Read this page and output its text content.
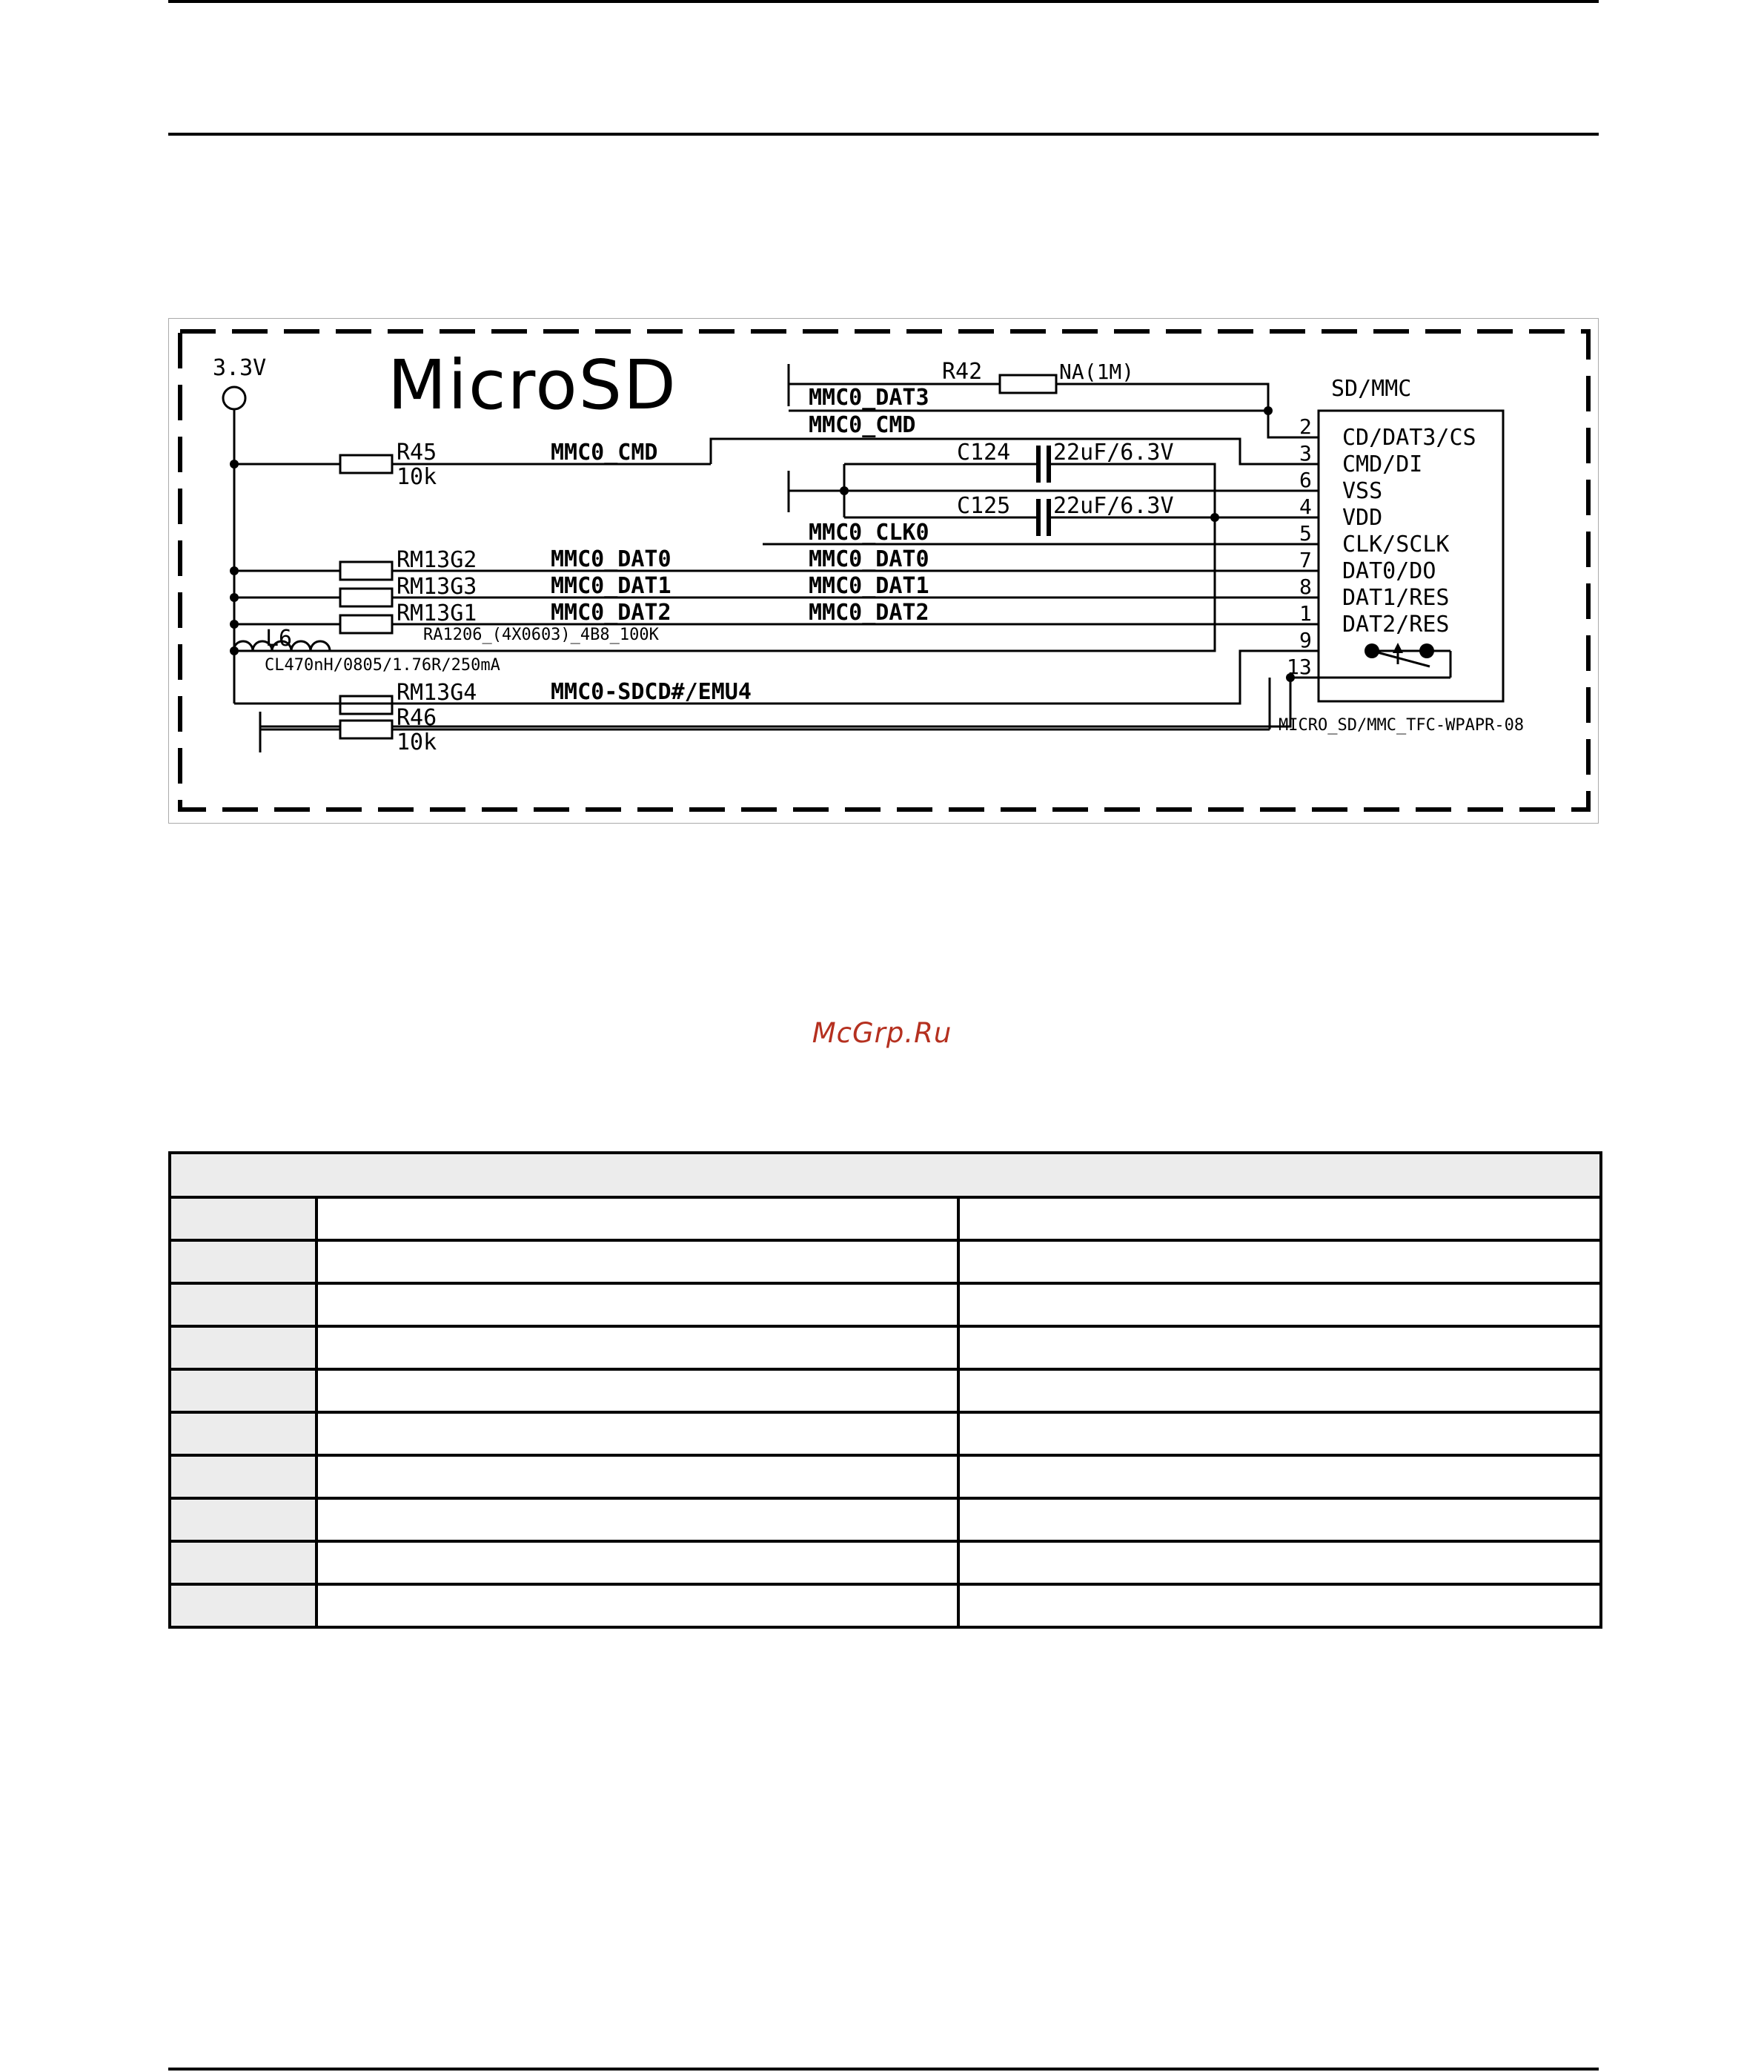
MicroSD
3.3V
SD/MMC
MICRO_SD/MMC_TFC-WPAPR-08
R42	NA(1M)
R45
10k
C124 22uF/6.3V
C125 22uF/6.3V
RM13G2
RM13G3
RM13G1
RA1206_(4X0603)_4B8_100K
L6
CL470nH/0805/1.76R/250mA
RM13G4
R46
10k
MMC0_DAT3
MMC0_CMD
MMC0_CMD
MMC0_CLK0
MMC0_DAT0	MMC0_DAT0
MMC0_DAT1	MMC0_DAT1
MMC0_DAT2	MMC0_DAT2
MMC0-SDCD#/EMU4
2
3
6
4
5
7
8
1
9
13
CD/DAT3/CS
CMD/DI
VSS
VDD
CLK/SCLK
DAT0/DO
DAT1/RES
DAT2/RES
McGrp.Ru
